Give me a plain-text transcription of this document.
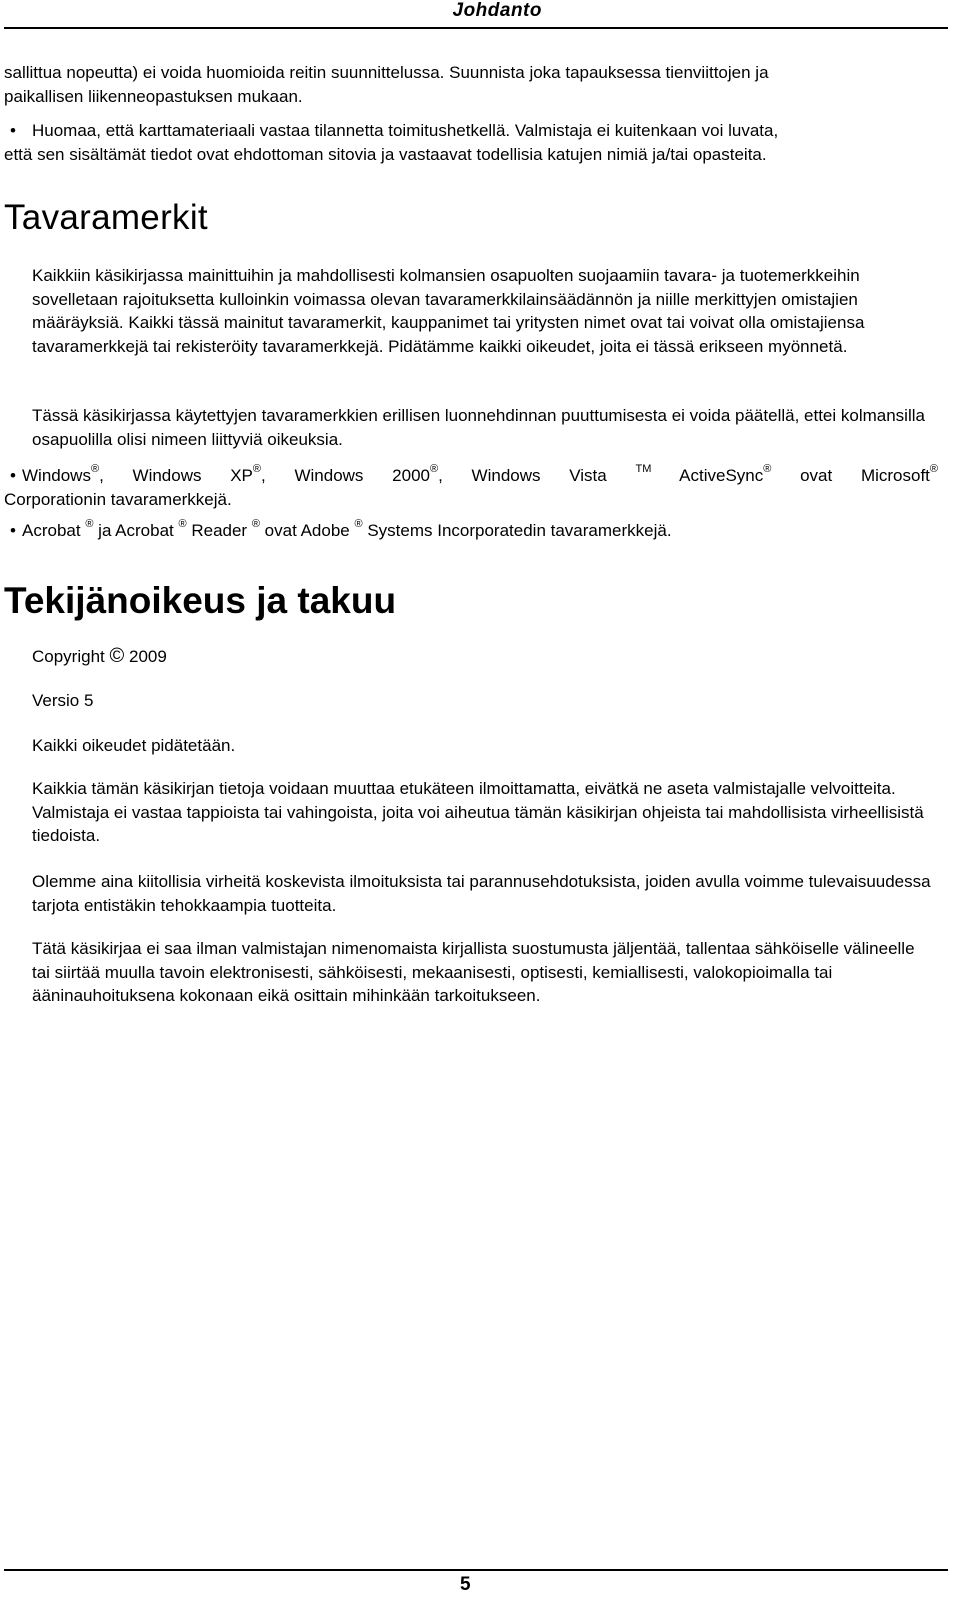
Johdanto

sallittua nopeutta) ei voida huomioida reitin suunnittelussa. Suunnista joka tapauksessa tienviittojen ja

paikallisen liikenneopastuksen mukaan.

• Huomaa, että karttamateriaali vastaa tilannetta toimitushetkellä. Valmistaja ei kuitenkaan voi luvata,

että sen sisältämät tiedot ovat ehdottoman sitovia ja vastaavat todellisia katujen nimiä ja/tai opasteita.

Tavaramerkit

Kaikkiin käsikirjassa mainittuihin ja mahdollisesti kolmansien osapuolten suojaamiin tavara- ja tuotemerkkeihin sovelletaan rajoituksetta kulloinkin voimassa olevan tavaramerkkilainsäädännön ja niille merkittyjen omistajien määräyksiä. Kaikki tässä mainitut tavaramerkit, kauppanimet tai yritysten nimet ovat tai voivat olla omistajiensa tavaramerkkejä tai rekisteröity tavaramerkkejä. Pidätämme kaikki oikeudet, joita ei tässä erikseen myönnetä.

Tässä käsikirjassa käytettyjen tavaramerkkien erillisen luonnehdinnan puuttumisesta ei voida päätellä, ettei kolmansilla osapuolilla olisi nimeen liittyviä oikeuksia.

• Windows®, Windows XP®, Windows 2000®, Windows Vista	™ ActiveSync® ovat Microsoft®

Corporationin tavaramerkkejä.

• Acrobat ® ja Acrobat ® Reader ® ovat Adobe ® Systems Incorporatedin tavaramerkkejä.

Tekijänoikeus ja takuu

Copyright © 2009

Versio 5

Kaikki oikeudet pidätetään.

Kaikkia tämän käsikirjan tietoja voidaan muuttaa etukäteen ilmoittamatta, eivätkä ne aseta valmistajalle velvoitteita. Valmistaja ei vastaa tappioista tai vahingoista, joita voi aiheutua tämän käsikirjan ohjeista tai mahdollisista virheellisistä tiedoista.

Olemme aina kiitollisia virheitä koskevista ilmoituksista tai parannusehdotuksista, joiden avulla voimme tulevaisuudessa tarjota entistäkin tehokkaampia tuotteita.

Tätä käsikirjaa ei saa ilman valmistajan nimenomaista kirjallista suostumusta jäljentää, tallentaa sähköiselle välineelle tai siirtää muulla tavoin elektronisesti, sähköisesti, mekaanisesti, optisesti, kemiallisesti, valokopioimalla tai ääninauhoituksena kokonaan eikä osittain mihinkään tarkoitukseen.

5
